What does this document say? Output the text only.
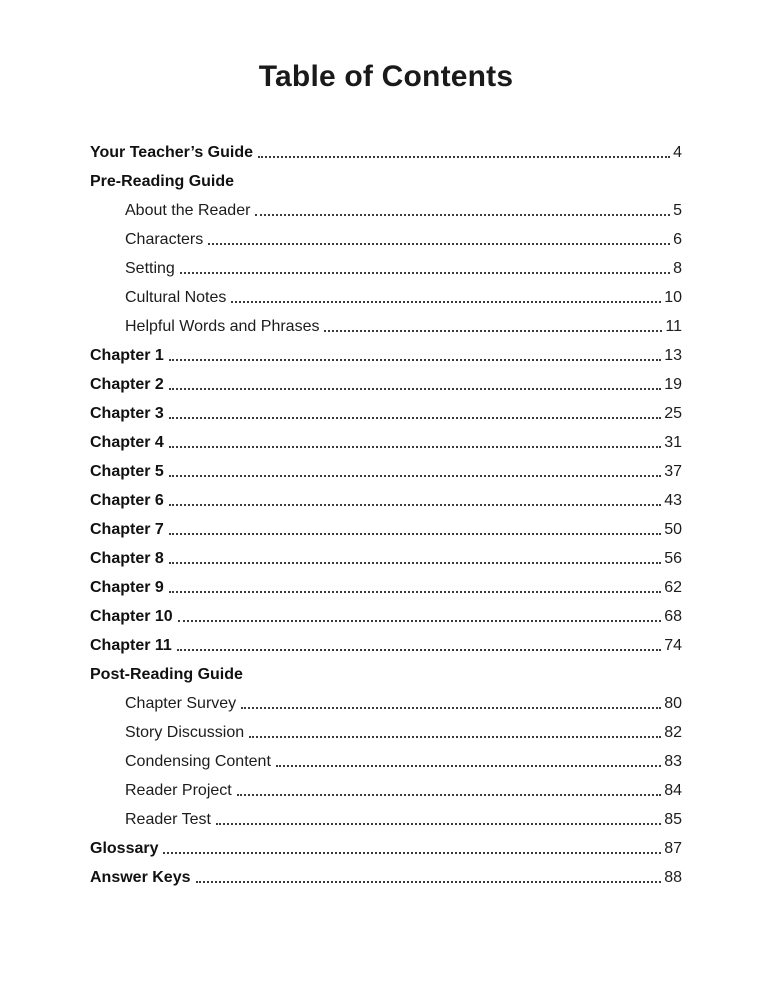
Table of Contents
Your Teacher’s Guide	4
Pre-Reading Guide
About the Reader	5
Characters	6
Setting	8
Cultural Notes	10
Helpful Words and Phrases	11
Chapter 1	13
Chapter 2	19
Chapter 3	25
Chapter 4	31
Chapter 5	37
Chapter 6	43
Chapter 7	50
Chapter 8	56
Chapter 9	62
Chapter 10	68
Chapter 11	74
Post-Reading Guide
Chapter Survey	80
Story Discussion	82
Condensing Content	83
Reader Project	84
Reader Test	85
Glossary	87
Answer Keys	88
